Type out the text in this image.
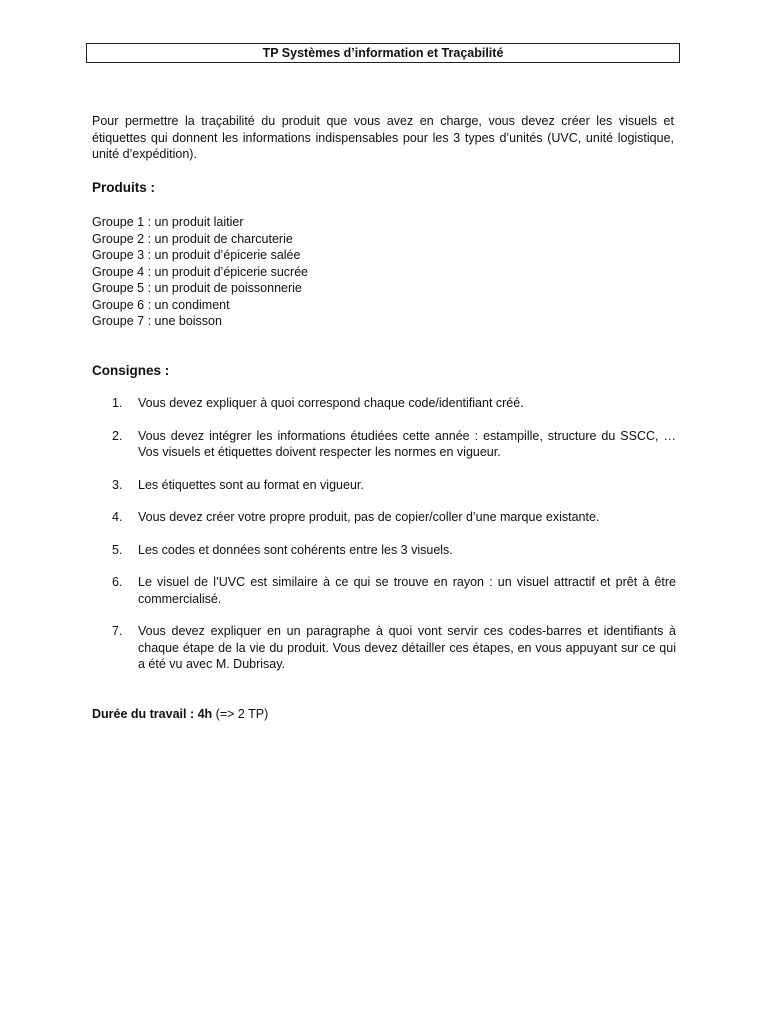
TP Systèmes d’information et Traçabilité

Pour permettre la traçabilité du produit que vous avez en charge, vous devez créer les visuels et étiquettes qui donnent les informations indispensables pour les 3 types d’unités (UVC, unité logistique, unité d’expédition).

Produits :
Groupe 1 : un produit laitier
Groupe 2 : un produit de charcuterie
Groupe 3 : un produit d’épicerie salée
Groupe 4 : un produit d’épicerie sucrée
Groupe 5 : un produit de poissonnerie
Groupe 6 : un condiment
Groupe 7 : une boisson
Consignes :
1. Vous devez expliquer à quoi correspond chaque code/identifiant créé.
2. Vous devez intégrer les informations étudiées cette année : estampille, structure du SSCC, … Vos visuels et étiquettes doivent respecter les normes en vigueur.
3. Les étiquettes sont au format en vigueur.
4. Vous devez créer votre propre produit, pas de copier/coller d’une marque existante.
5. Les codes et données sont cohérents entre les 3 visuels.
6. Le visuel de l’UVC est similaire à ce qui se trouve en rayon : un visuel attractif et prêt à être commercialisé.
7. Vous devez expliquer en un paragraphe à quoi vont servir ces codes-barres et identifiants à chaque étape de la vie du produit. Vous devez détailler ces étapes, en vous appuyant sur ce qui a été vu avec M. Dubrisay.

Durée du travail : 4h (=> 2 TP)
